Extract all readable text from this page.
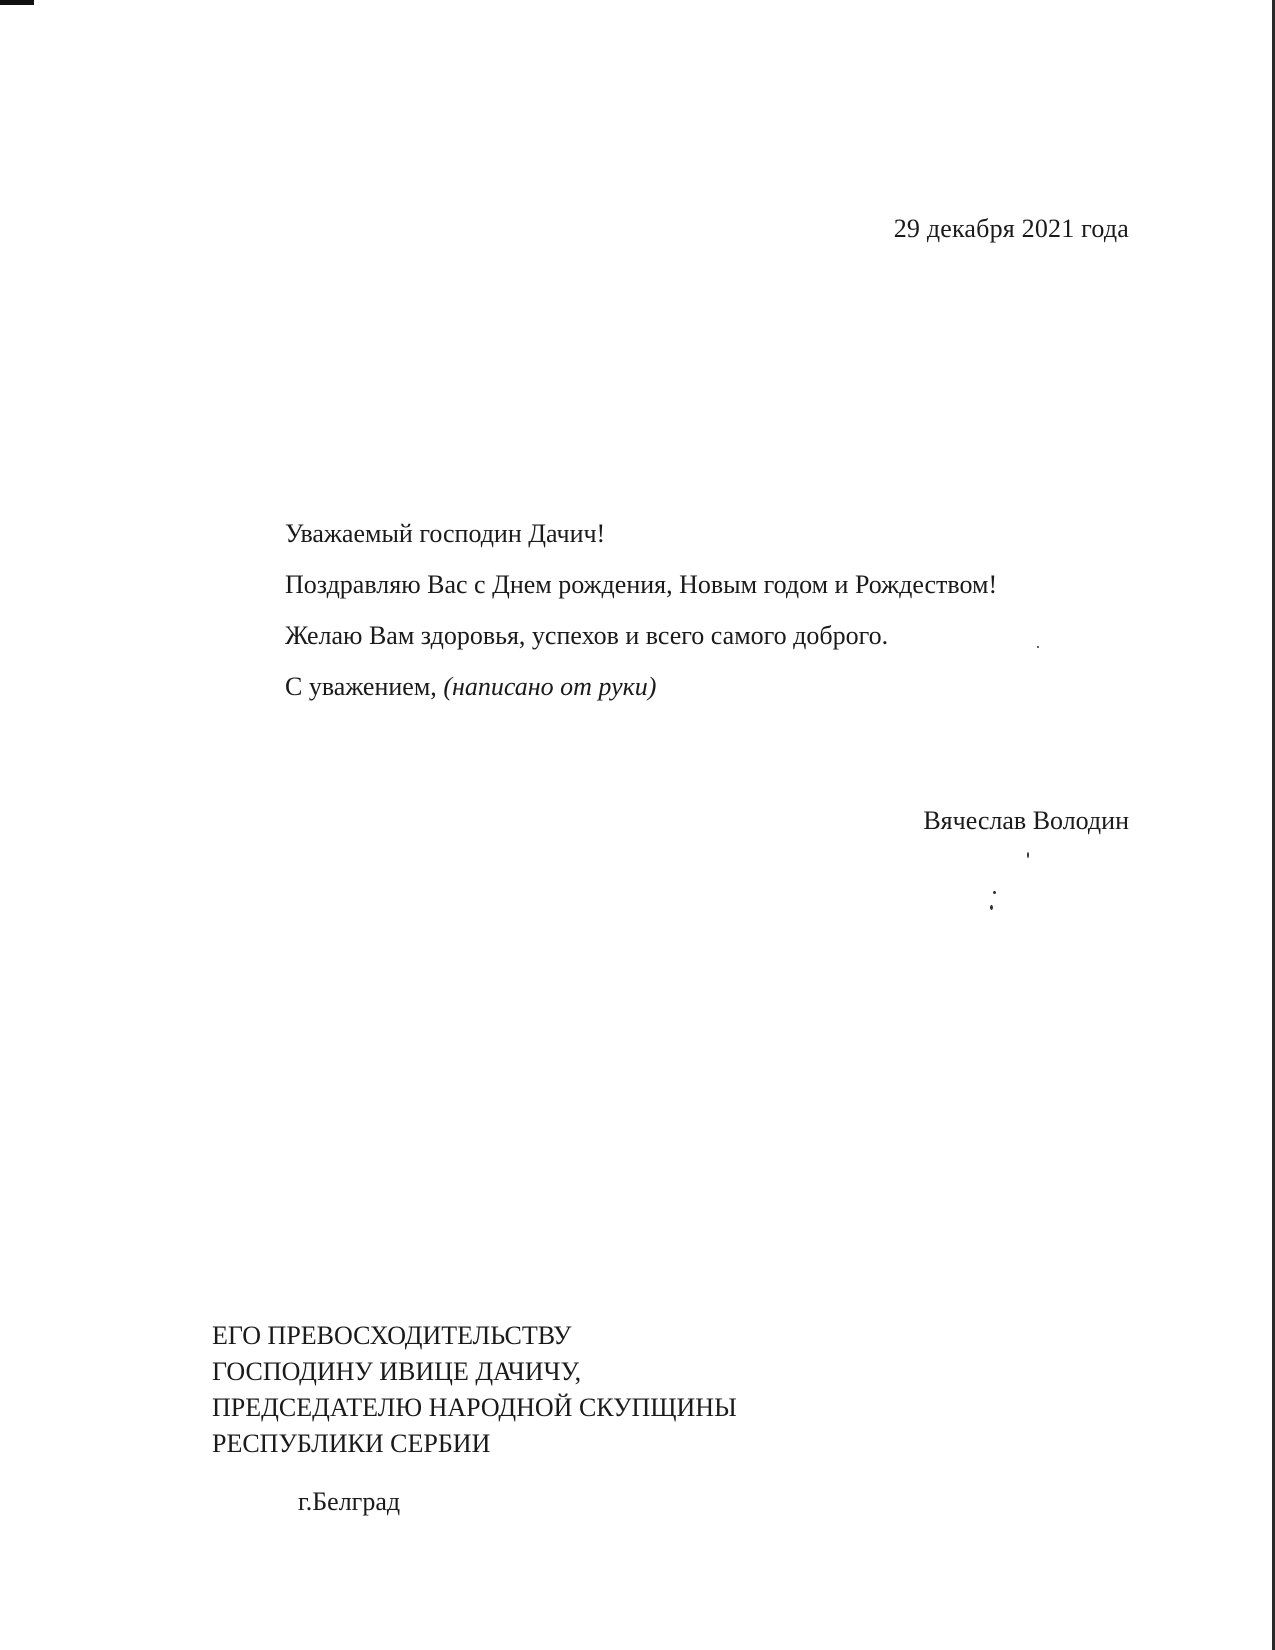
29 декабря 2021 года

Уважаемый господин Дачич!

Поздравляю Вас с Днем рождения, Новым годом и Рождеством!

Желаю Вам здоровья, успехов и всего самого доброго.

С уважением, (написано от руки)

Вячеслав Володин
ЕГО ПРЕВОСХОДИТЕЛЬСТВУ
ГОСПОДИНУ ИВИЦЕ ДАЧИЧУ,
ПРЕДСЕДАТЕЛЮ НАРОДНОЙ СКУПЩИНЫ
РЕСПУБЛИКИ СЕРБИИ
г.Белград
